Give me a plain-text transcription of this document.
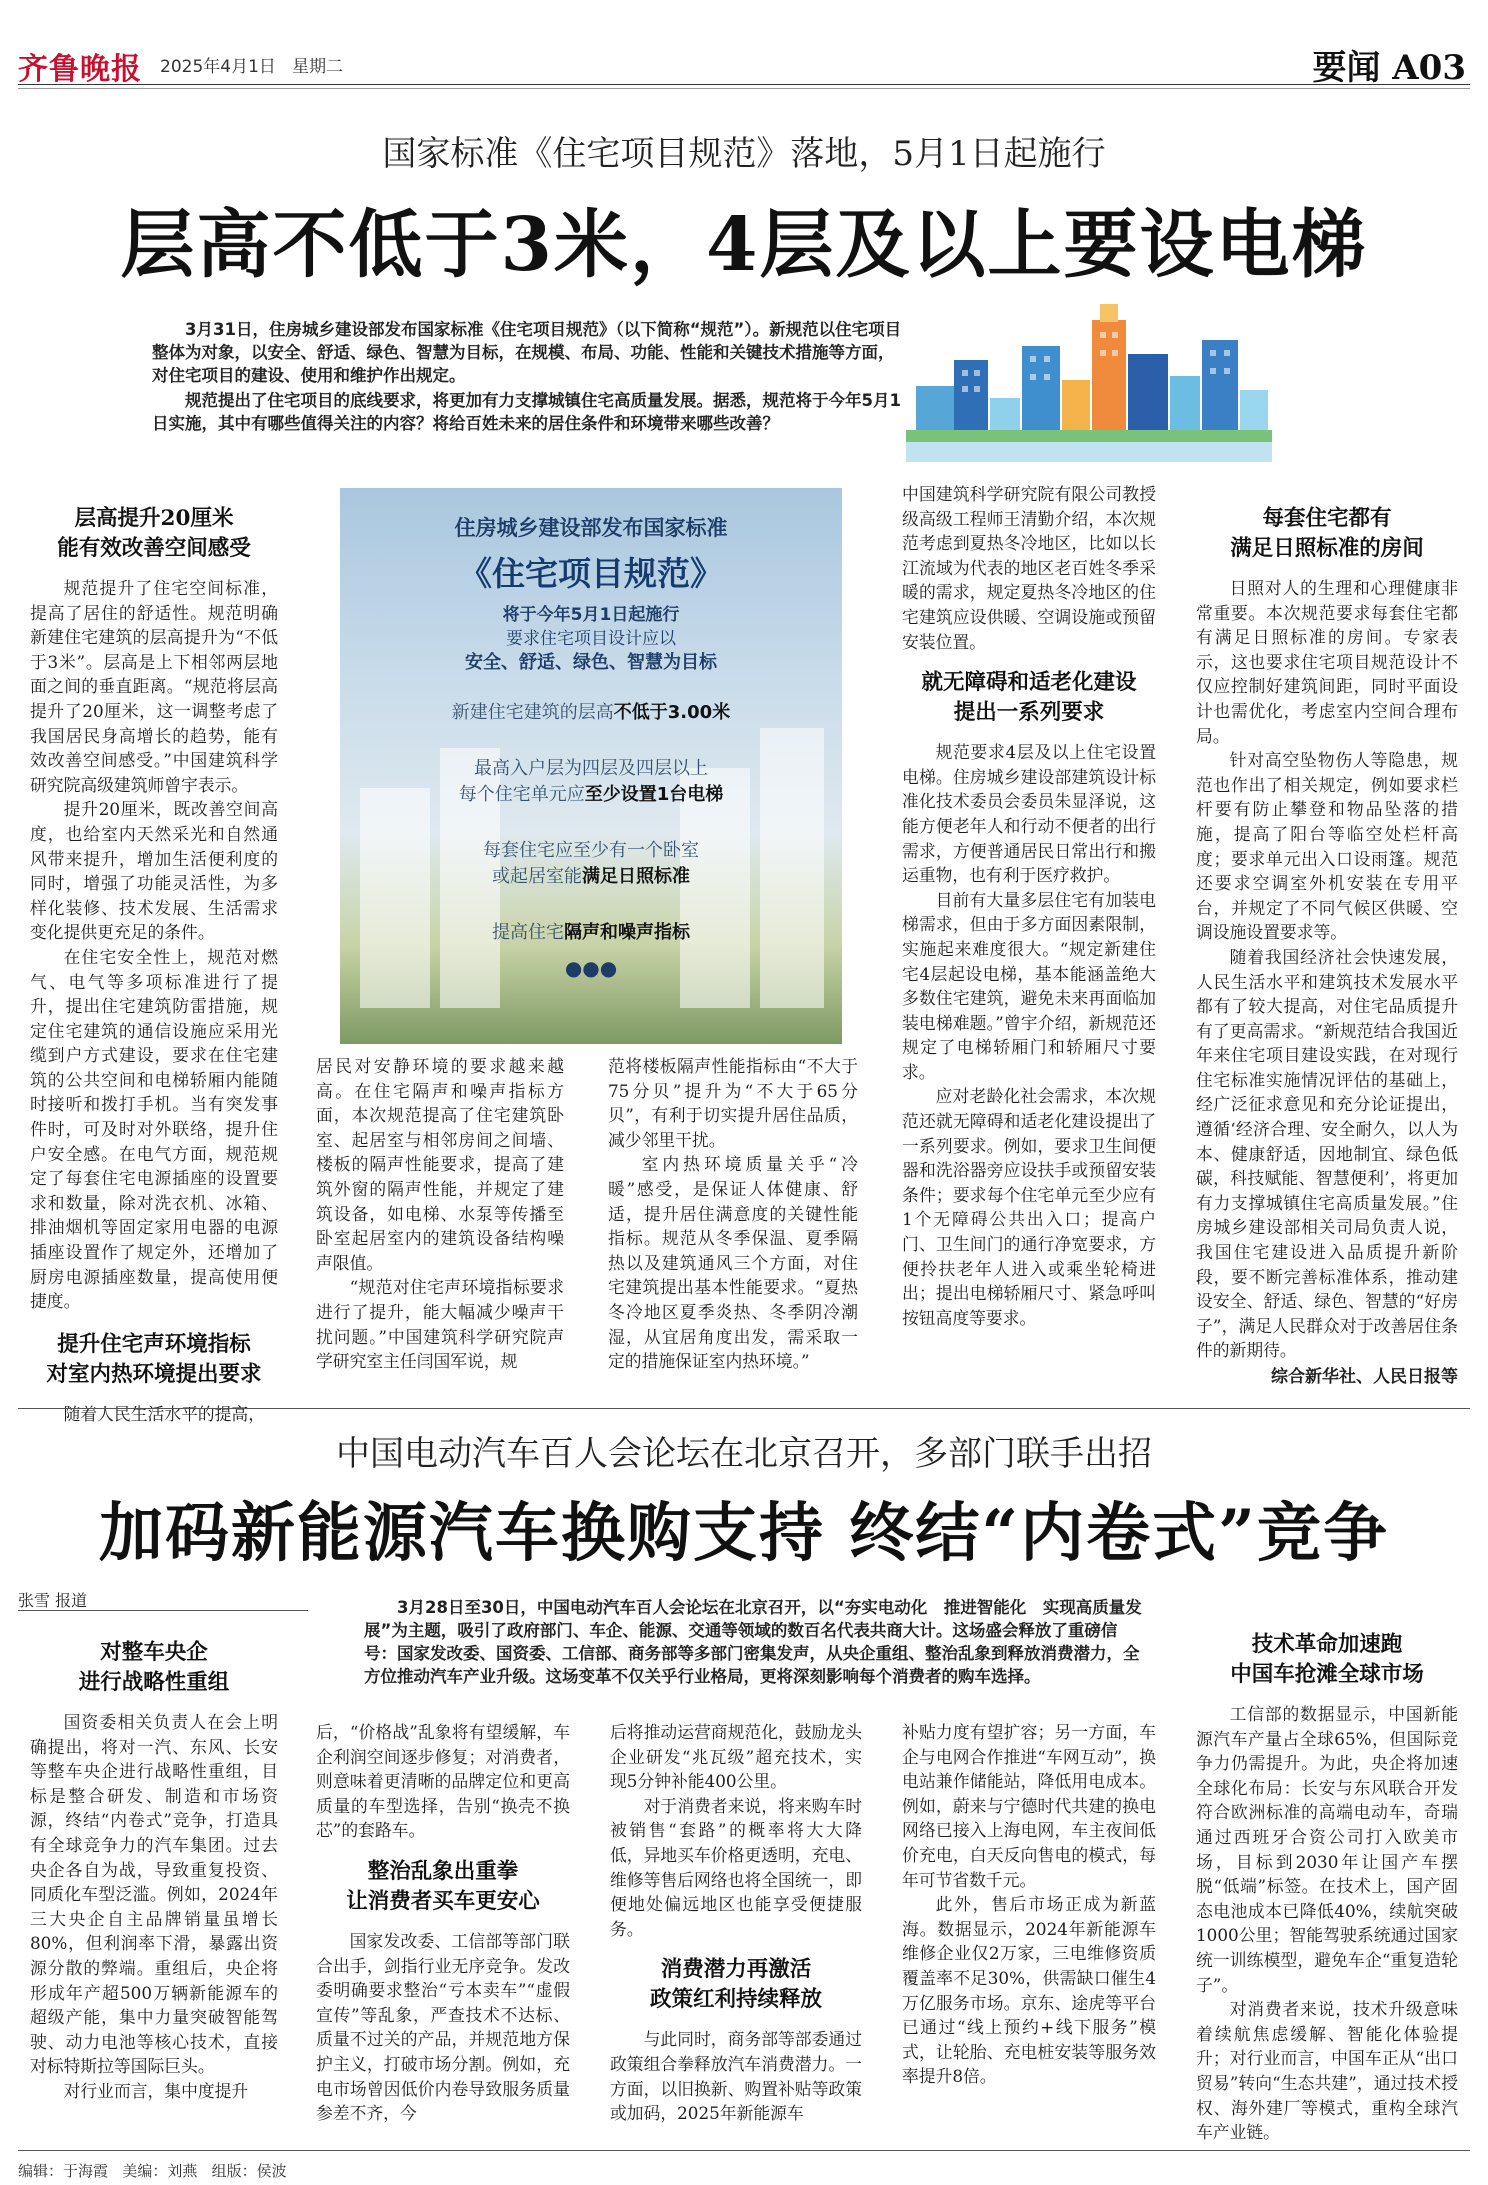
齐鲁晚报 2025年4月1日 星期二	要闻 A03
国家标准《住宅项目规范》落地，5月1日起施行
层高不低于3米，4层及以上要设电梯

3月31日，住房城乡建设部发布国家标准《住宅项目规范》（以下简称“规范”）。新规范以住宅项目整体为对象，以安全、舒适、绿色、智慧为目标，在规模、布局、功能、性能和关键技术措施等方面，对住宅项目的建设、使用和维护作出规定。

规范提出了住宅项目的底线要求，将更加有力支撑城镇住宅高质量发展。据悉，规范将于今年5月1日实施，其中有哪些值得关注的内容？将给百姓未来的居住条件和环境带来哪些改善？

住房城乡建设部发布国家标准
《住宅项目规范》
将于今年5月1日起施行
要求住宅项目设计应以
安全、舒适、绿色、智慧为目标
新建住宅建筑的层高不低于3.00米
最高入户层为四层及四层以上
每个住宅单元应至少设置1台电梯
每套住宅应至少有一个卧室
或起居室能满足日照标准
提高住宅隔声和噪声指标
●●●
层高提升20厘米
能有效改善空间感受

规范提升了住宅空间标准，提高了居住的舒适性。规范明确新建住宅建筑的层高提升为“不低于3米”。层高是上下相邻两层地面之间的垂直距离。“规范将层高提升了20厘米，这一调整考虑了我国居民身高增长的趋势，能有效改善空间感受。”中国建筑科学研究院高级建筑师曾宇表示。

提升20厘米，既改善空间高度，也给室内天然采光和自然通风带来提升，增加生活便利度的同时，增强了功能灵活性，为多样化装修、技术发展、生活需求变化提供更充足的条件。

在住宅安全性上，规范对燃气、电气等多项标准进行了提升，提出住宅建筑防雷措施，规定住宅建筑的通信设施应采用光缆到户方式建设，要求在住宅建筑的公共空间和电梯轿厢内能随时接听和拨打手机。当有突发事件时，可及时对外联络，提升住户安全感。在电气方面，规范规定了每套住宅电源插座的设置要求和数量，除对洗衣机、冰箱、排油烟机等固定家用电器的电源插座设置作了规定外，还增加了厨房电源插座数量，提高使用便捷度。

提升住宅声环境指标
对室内热环境提出要求

随着人民生活水平的提高，

居民对安静环境的要求越来越高。在住宅隔声和噪声指标方面，本次规范提高了住宅建筑卧室、起居室与相邻房间之间墙、楼板的隔声性能要求，提高了建筑外窗的隔声性能，并规定了建筑设备，如电梯、水泵等传播至卧室起居室内的建筑设备结构噪声限值。

“规范对住宅声环境指标要求进行了提升，能大幅减少噪声干扰问题。”中国建筑科学研究院声学研究室主任闫国军说，规

范将楼板隔声性能指标由“不大于75分贝”提升为“不大于65分贝”，有利于切实提升居住品质，减少邻里干扰。

室内热环境质量关乎“冷暖”感受，是保证人体健康、舒适，提升居住满意度的关键性能指标。规范从冬季保温、夏季隔热以及建筑通风三个方面，对住宅建筑提出基本性能要求。“夏热冬冷地区夏季炎热、冬季阴冷潮湿，从宜居角度出发，需采取一定的措施保证室内热环境。”

中国建筑科学研究院有限公司教授级高级工程师王清勤介绍，本次规范考虑到夏热冬冷地区，比如以长江流域为代表的地区老百姓冬季采暖的需求，规定夏热冬冷地区的住宅建筑应设供暖、空调设施或预留安装位置。

就无障碍和适老化建设
提出一系列要求

规范要求4层及以上住宅设置电梯。住房城乡建设部建筑设计标准化技术委员会委员朱显泽说，这能方便老年人和行动不便者的出行需求，方便普通居民日常出行和搬运重物，也有利于医疗救护。

目前有大量多层住宅有加装电梯需求，但由于多方面因素限制，实施起来难度很大。“规定新建住宅4层起设电梯，基本能涵盖绝大多数住宅建筑，避免未来再面临加装电梯难题。”曾宇介绍，新规范还规定了电梯轿厢门和轿厢尺寸要求。

应对老龄化社会需求，本次规范还就无障碍和适老化建设提出了一系列要求。例如，要求卫生间便器和洗浴器旁应设扶手或预留安装条件；要求每个住宅单元至少应有1个无障碍公共出入口；提高户门、卫生间门的通行净宽要求，方便拎扶老年人进入或乘坐轮椅进出；提出电梯轿厢尺寸、紧急呼叫按钮高度等要求。

每套住宅都有
满足日照标准的房间

日照对人的生理和心理健康非常重要。本次规范要求每套住宅都有满足日照标准的房间。专家表示，这也要求住宅项目规范设计不仅应控制好建筑间距，同时平面设计也需优化，考虑室内空间合理布局。

针对高空坠物伤人等隐患，规范也作出了相关规定，例如要求栏杆要有防止攀登和物品坠落的措施，提高了阳台等临空处栏杆高度；要求单元出入口设雨篷。规范还要求空调室外机安装在专用平台，并规定了不同气候区供暖、空调设施设置要求等。

随着我国经济社会快速发展，人民生活水平和建筑技术发展水平都有了较大提高，对住宅品质提升有了更高需求。“新规范结合我国近年来住宅项目建设实践，在对现行住宅标准实施情况评估的基础上，经广泛征求意见和充分论证提出，遵循‘经济合理、安全耐久，以人为本、健康舒适，因地制宜、绿色低碳，科技赋能、智慧便利’，将更加有力支撑城镇住宅高质量发展。”住房城乡建设部相关司局负责人说，我国住宅建设进入品质提升新阶段，要不断完善标准体系，推动建设安全、舒适、绿色、智慧的“好房子”，满足人民群众对于改善居住条件的新期待。

综合新华社、人民日报等

中国电动汽车百人会论坛在北京召开，多部门联手出招
加码新能源汽车换购支持 终结“内卷式”竞争
张雪 报道	3月28日至30日，中国电动汽车百人会论坛在北京召开，以“夯实电动化　推进智能化　实现高质量发展”为主题，吸引了政府部门、车企、能源、交通等领域的数百名代表共商大计。这场盛会释放了重磅信号：国家发改委、国资委、工信部、商务部等多部门密集发声，从央企重组、整治乱象到释放消费潜力，全方位推动汽车产业升级。这场变革不仅关乎行业格局，更将深刻影响每个消费者的购车选择。

对整车央企
进行战略性重组

国资委相关负责人在会上明确提出，将对一汽、东风、长安等整车央企进行战略性重组，目标是整合研发、制造和市场资源，终结“内卷式”竞争，打造具有全球竞争力的汽车集团。过去央企各自为战，导致重复投资、同质化车型泛滥。例如，2024年三大央企自主品牌销量虽增长80%，但利润率下滑，暴露出资源分散的弊端。重组后，央企将形成年产超500万辆新能源车的超级产能，集中力量突破智能驾驶、动力电池等核心技术，直接对标特斯拉等国际巨头。

对行业而言，集中度提升

后，“价格战”乱象将有望缓解，车企利润空间逐步修复；对消费者，则意味着更清晰的品牌定位和更高质量的车型选择，告别“换壳不换芯”的套路车。

整治乱象出重拳
让消费者买车更安心

国家发改委、工信部等部门联合出手，剑指行业无序竞争。发改委明确要求整治“亏本卖车”“虚假宣传”等乱象，严查技术不达标、质量不过关的产品，并规范地方保护主义，打破市场分割。例如，充电市场曾因低价内卷导致服务质量参差不齐，今

后将推动运营商规范化，鼓励龙头企业研发“兆瓦级”超充技术，实现5分钟补能400公里。

对于消费者来说，将来购车时被销售“套路”的概率将大大降低，异地买车价格更透明，充电、维修等售后网络也将全国统一，即便地处偏远地区也能享受便捷服务。

消费潜力再激活
政策红利持续释放

与此同时，商务部等部委通过政策组合拳释放汽车消费潜力。一方面，以旧换新、购置补贴等政策或加码，2025年新能源车

补贴力度有望扩容；另一方面，车企与电网合作推进“车网互动”，换电站兼作储能站，降低用电成本。例如，蔚来与宁德时代共建的换电网络已接入上海电网，车主夜间低价充电，白天反向售电的模式，每年可节省数千元。

此外，售后市场正成为新蓝海。数据显示，2024年新能源车维修企业仅2万家，三电维修资质覆盖率不足30%，供需缺口催生4万亿服务市场。京东、途虎等平台已通过“线上预约+线下服务”模式，让轮胎、充电桩安装等服务效率提升8倍。

技术革命加速跑
中国车抢滩全球市场

工信部的数据显示，中国新能源汽车产量占全球65%，但国际竞争力仍需提升。为此，央企将加速全球化布局：长安与东风联合开发符合欧洲标准的高端电动车，奇瑞通过西班牙合资公司打入欧美市场，目标到2030年让国产车摆脱“低端”标签。在技术上，国产固态电池成本已降低40%，续航突破1000公里；智能驾驶系统通过国家统一训练模型，避免车企“重复造轮子”。

对消费者来说，技术升级意味着续航焦虑缓解、智能化体验提升；对行业而言，中国车正从“出口贸易”转向“生态共建”，通过技术授权、海外建厂等模式，重构全球汽车产业链。

编辑：于海霞 美编：刘燕 组版：侯波
